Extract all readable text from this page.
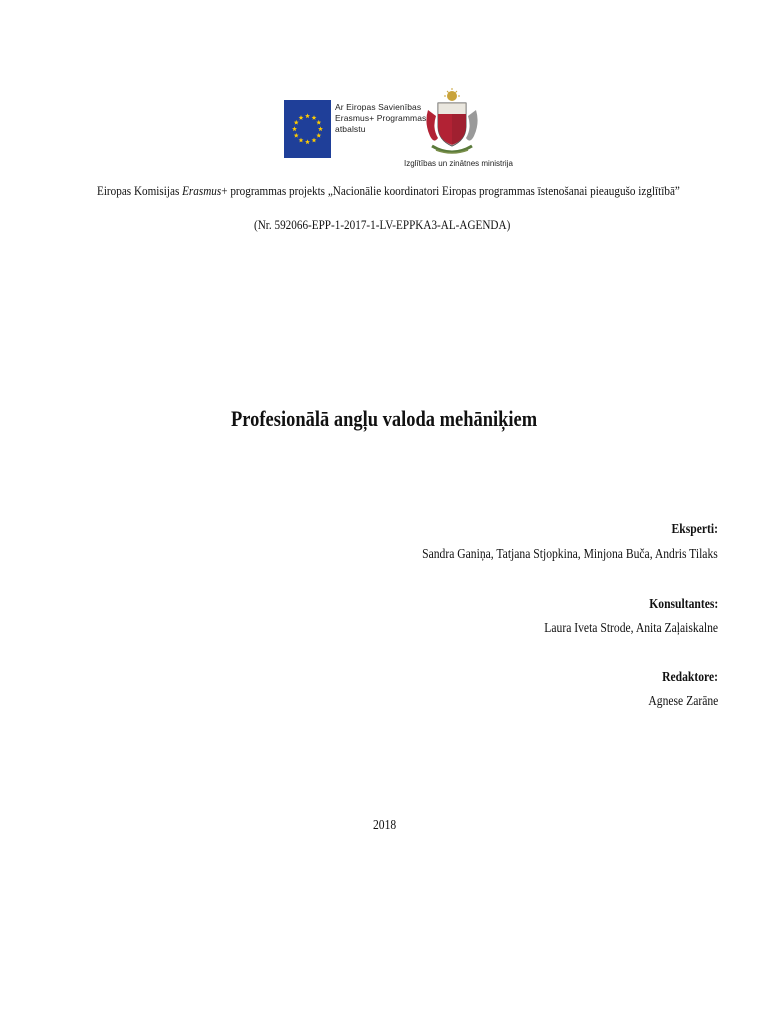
Ar Eiropas Savienības
Erasmus+ Programmas
atbalstu
Izglītības un zinātnes ministrija
Eiropas Komisijas Erasmus+ programmas projekts „Nacionālie koordinatori Eiropas programmas īstenošanai pieaugušo izglītībā”
(Nr. 592066-EPP-1-2017-1-LV-EPPKA3-AL-AGENDA)
Profesionālā angļu valoda mehāniķiem
Eksperti:
Sandra Ganiņa, Tatjana Stjopkina, Minjona Buča, Andris Tilaks
Konsultantes:
Laura Iveta Strode, Anita Zaļaiskalne
Redaktore:
Agnese Zarāne
2018
